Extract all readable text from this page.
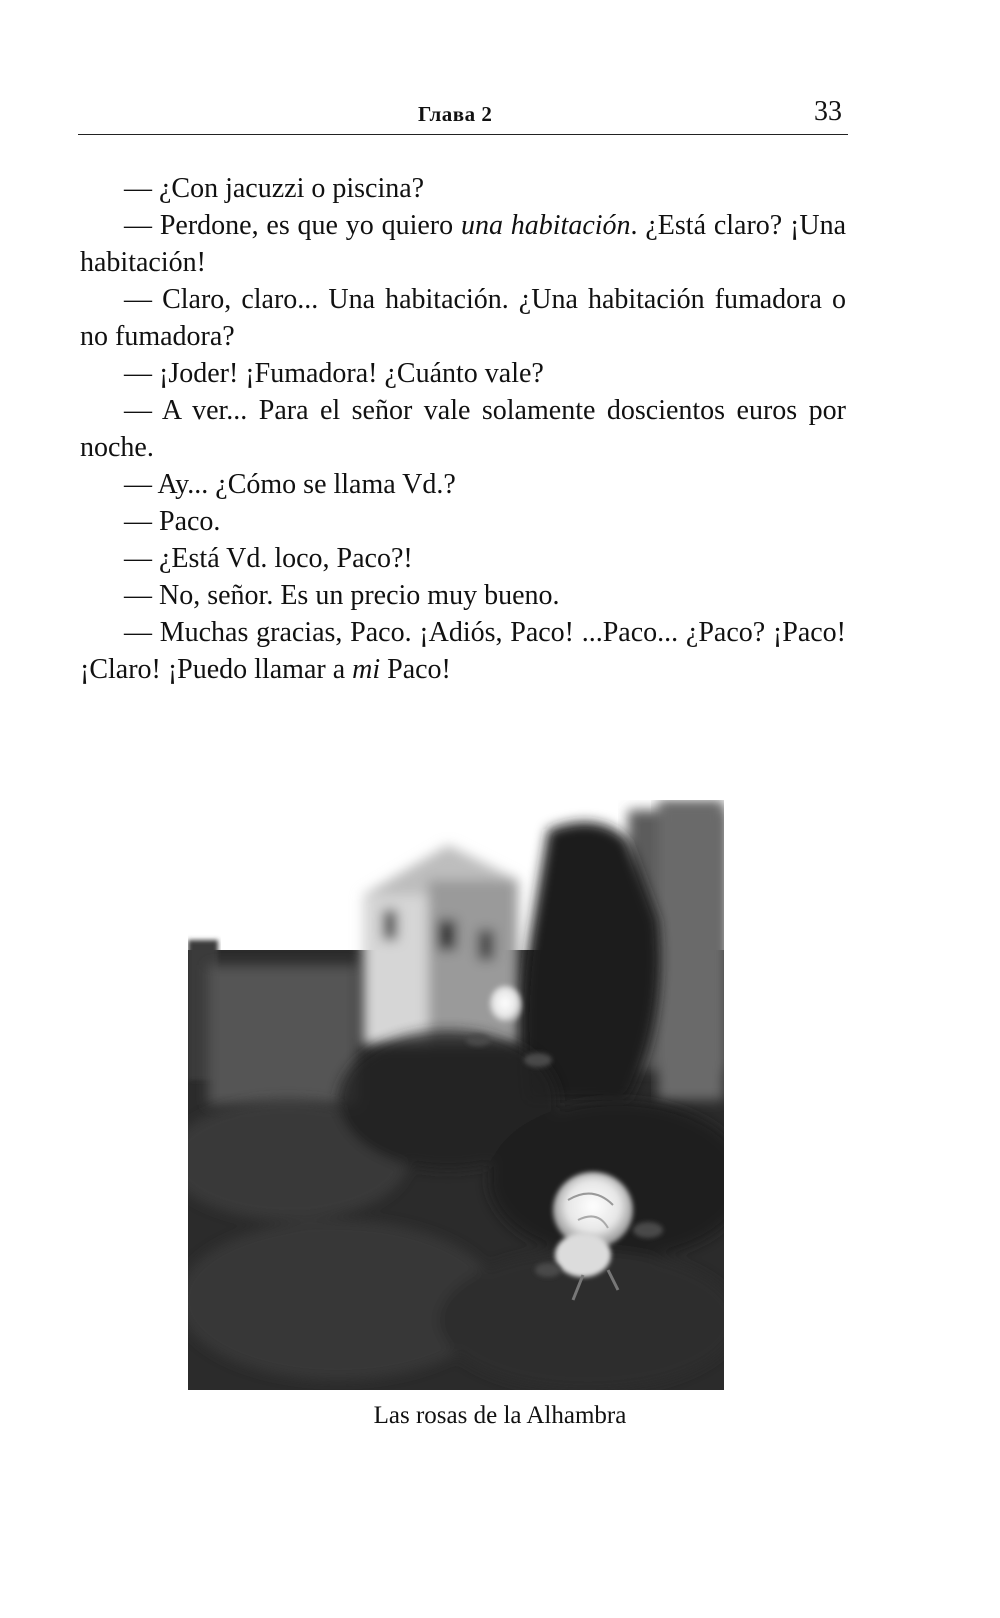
Глава 2	33

— ¿Con jacuzzi o piscina?

— Perdone, es que yo quiero una habitación. ¿Está claro? ¡Una habitación!

— Claro, claro... Una habitación. ¿Una habitación fumadora o no fumadora?

— ¡Joder! ¡Fumadora! ¿Cuánto vale?

— A ver... Para el señor vale solamente doscientos euros por noche.

— Ay... ¿Cómo se llama Vd.?

— Paco.

— ¿Está Vd. loco, Paco?!

— No, señor. Es un precio muy bueno.

— Muchas gracias, Paco. ¡Adiós, Paco! ...Paco... ¿Paco? ¡Paco! ¡Claro! ¡Puedo llamar a mi Paco!

Las rosas de la Alhambra
